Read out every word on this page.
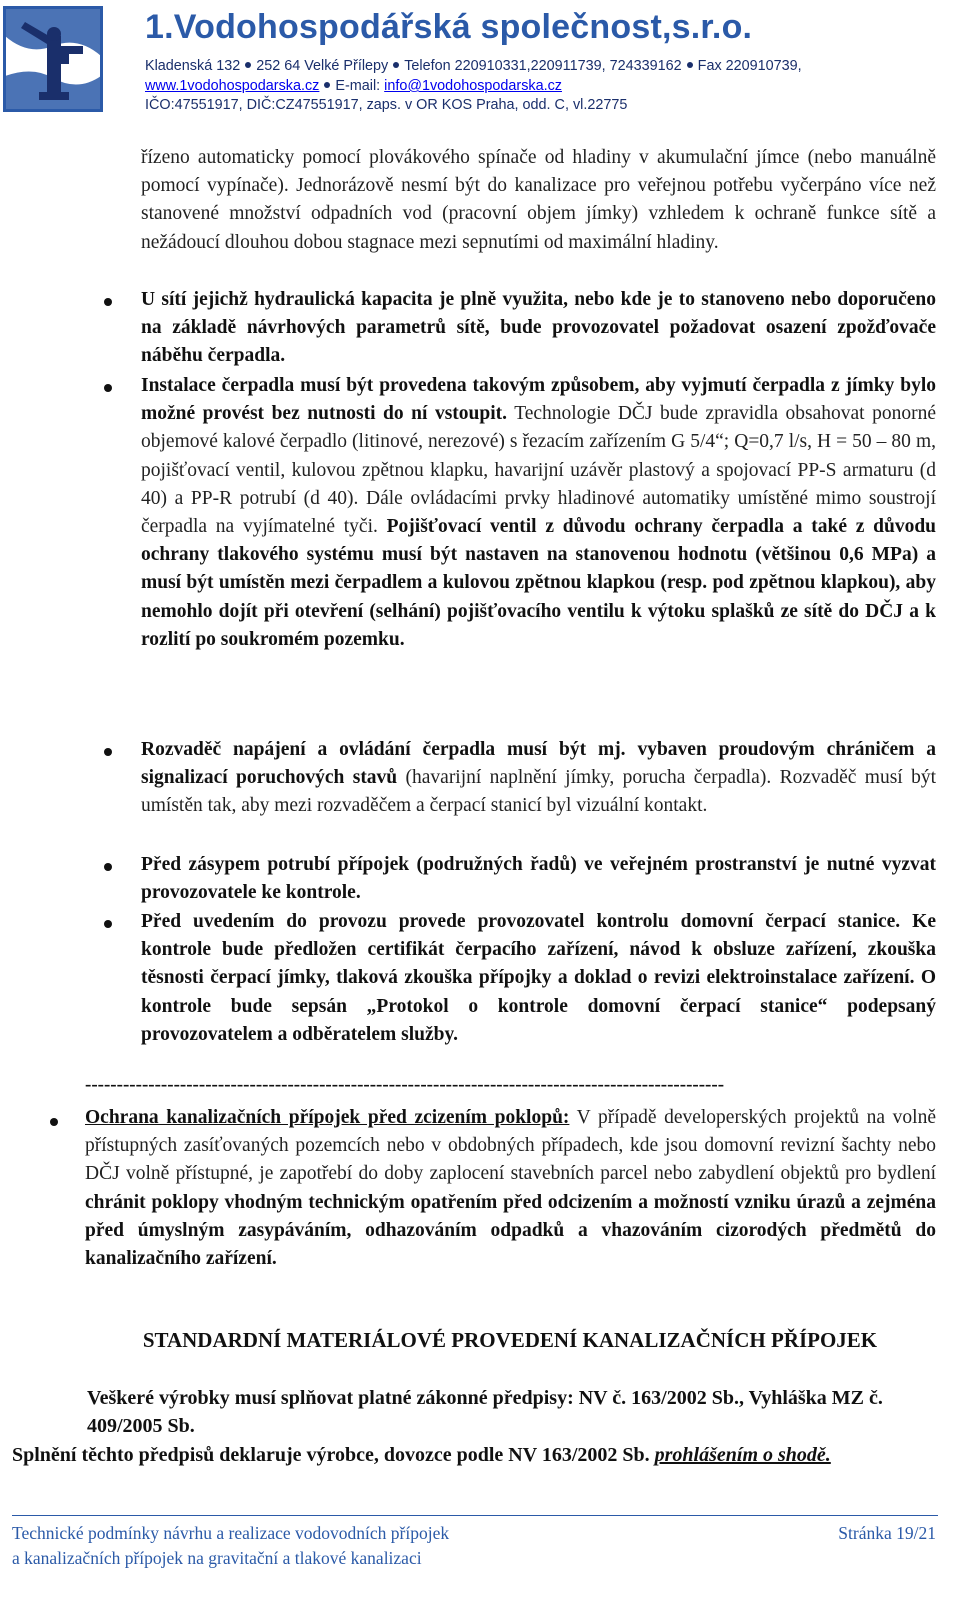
1.Vodohospodářská společnost,s.r.o.
Kladenská 132 252 64 Velké Přílepy Telefon 220910331,220911739, 724339162 Fax 220910739,
www.1vodohospodarska.cz E-mail: info@1vodohospodarska.cz
IČO:47551917, DIČ:CZ47551917, zaps. v OR KOS Praha, odd. C, vl.22775
řízeno automaticky pomocí plovákového spínače od hladiny v akumulační jímce (nebo manuálně pomocí vypínače). Jednorázově nesmí být do kanalizace pro veřejnou potřebu vyčerpáno více než stanovené množství odpadních vod (pracovní objem jímky) vzhledem k ochraně funkce sítě a nežádoucí dlouhou dobou stagnace mezi sepnutími od maximální hladiny.
U sítí jejichž hydraulická kapacita je plně využita, nebo kde je to stanoveno nebo doporučeno na základě návrhových parametrů sítě, bude provozovatel požadovat osazení zpožďovače náběhu čerpadla.
Instalace čerpadla musí být provedena takovým způsobem, aby vyjmutí čerpadla z jímky bylo možné provést bez nutnosti do ní vstoupit. Technologie DČJ bude zpravidla obsahovat ponorné objemové kalové čerpadlo (litinové, nerezové) s řezacím zařízením G 5/4“; Q=0,7 l/s, H = 50 – 80 m, pojišťovací ventil, kulovou zpětnou klapku, havarijní uzávěr plastový a spojovací PP-S armaturu (d 40) a PP-R potrubí (d 40). Dále ovládacími prvky hladinové automatiky umístěné mimo soustrojí čerpadla na vyjímatelné tyči. Pojišťovací ventil z důvodu ochrany čerpadla a také z důvodu ochrany tlakového systému musí být nastaven na stanovenou hodnotu (většinou 0,6 MPa) a musí být umístěn mezi čerpadlem a kulovou zpětnou klapkou (resp. pod zpětnou klapkou), aby nemohlo dojít při otevření (selhání) pojišťovacího ventilu k výtoku splašků ze sítě do DČJ a k rozlití po soukromém pozemku.
Rozvaděč napájení a ovládání čerpadla musí být mj. vybaven proudovým chráničem a signalizací poruchových stavů (havarijní naplnění jímky, porucha čerpadla). Rozvaděč musí být umístěn tak, aby mezi rozvaděčem a čerpací stanicí byl vizuální kontakt.
Před zásypem potrubí přípojek (podružných řadů) ve veřejném prostranství je nutné vyzvat provozovatele ke kontrole.
Před uvedením do provozu provede provozovatel kontrolu domovní čerpací stanice. Ke kontrole bude předložen certifikát čerpacího zařízení, návod k obsluze zařízení, zkouška těsnosti čerpací jímky, tlaková zkouška přípojky a doklad o revizi elektroinstalace zařízení. O kontrole bude sepsán „Protokol o kontrole domovní čerpací stanice“ podepsaný provozovatelem a odběratelem služby.
-----------------------------------------------------------------------------------------------------
Ochrana kanalizačních přípojek před zcizením poklopů: V případě developerských projektů na volně přístupných zasíťovaných pozemcích nebo v obdobných případech, kde jsou domovní revizní šachty nebo DČJ volně přístupné, je zapotřebí do doby zaplocení stavebních parcel nebo zabydlení objektů pro bydlení chránit poklopy vhodným technickým opatřením před odcizením a možností vzniku úrazů a zejména před úmyslným zasypáváním, odhazováním odpadků a vhazováním cizorodých předmětů do kanalizačního zařízení.
STANDARDNÍ MATERIÁLOVÉ PROVEDENÍ KANALIZAČNÍCH PŘÍPOJEK
Veškeré výrobky musí splňovat platné zákonné předpisy: NV č. 163/2002 Sb., Vyhláška MZ č. 409/2005 Sb.
Splnění těchto předpisů deklaruje výrobce, dovozce podle NV 163/2002 Sb. prohlášením o shodě.
Technické podmínky návrhu a realizace vodovodních přípojek
a kanalizačních přípojek na gravitační a tlakové kanalizaci
Stránka 19/21
